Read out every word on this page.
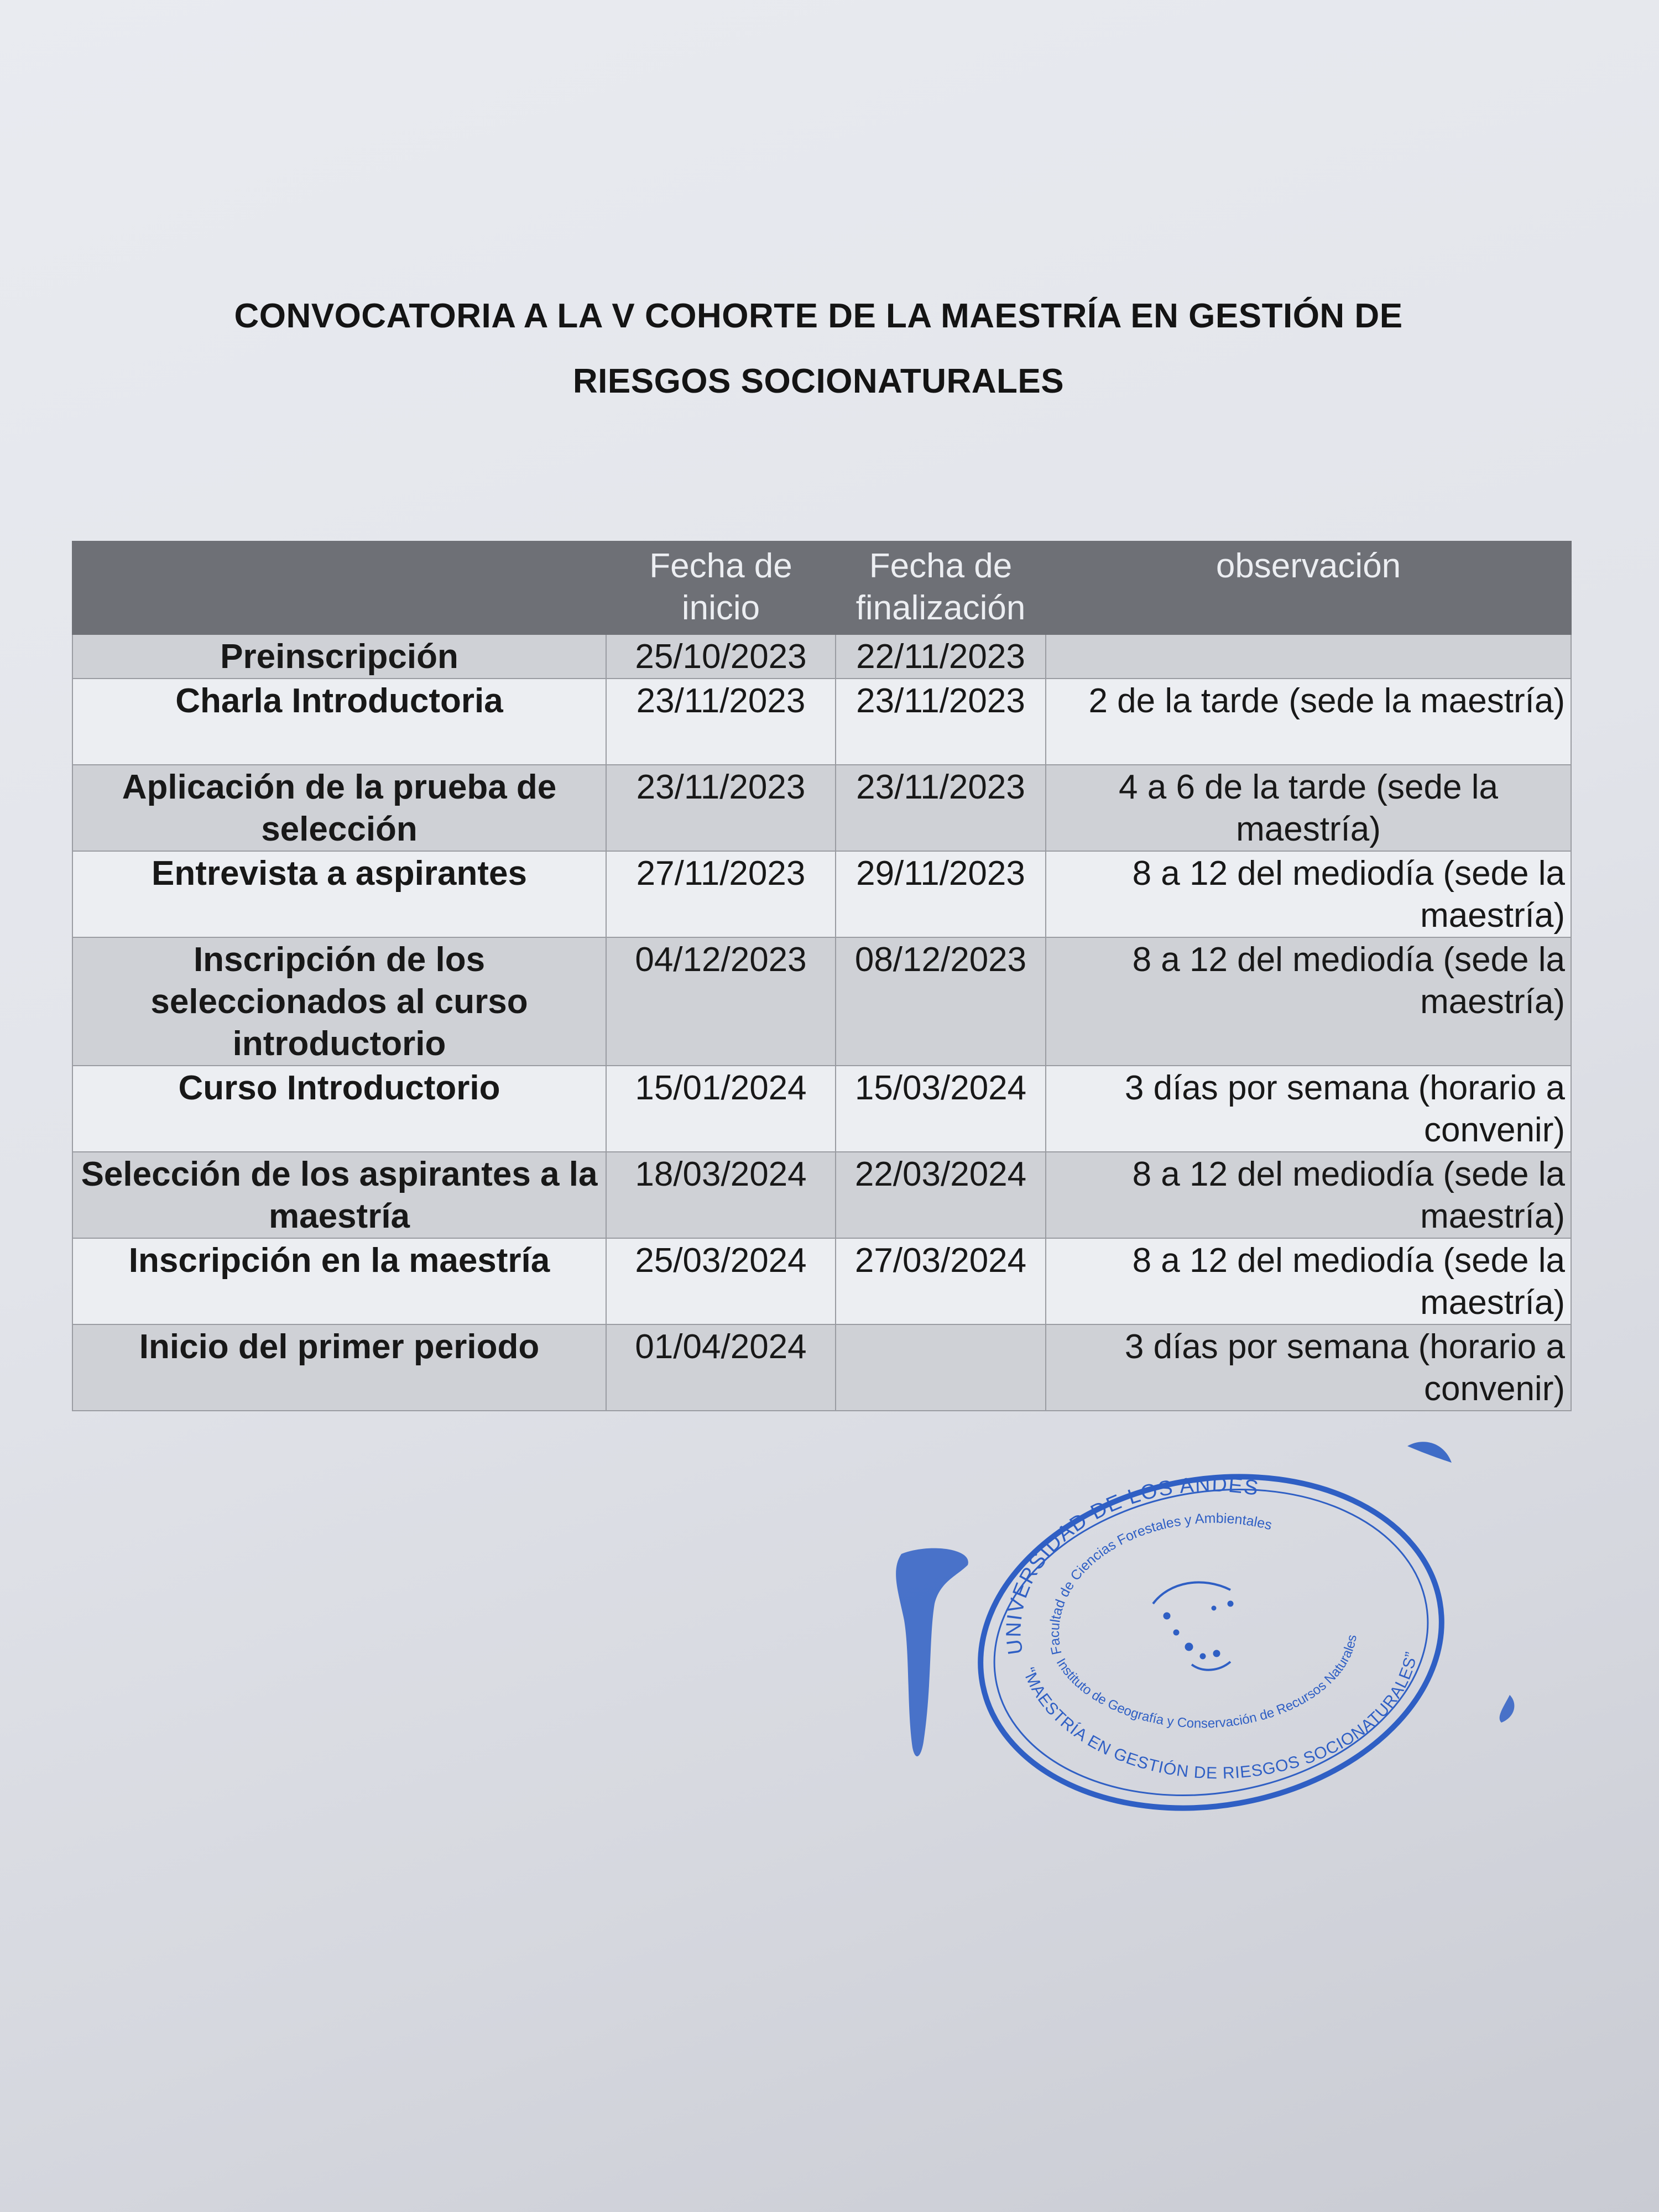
CONVOCATORIA A LA V COHORTE DE LA MAESTRÍA EN GESTIÓN DE
RIESGOS SOCIONATURALES
	Fecha de inicio	Fecha de finalización	observación
Preinscripción	25/10/2023	22/11/2023	
Charla Introductoria	23/11/2023	23/11/2023	2 de la tarde (sede la maestría)
Aplicación de la prueba de selección	23/11/2023	23/11/2023	4 a 6 de la tarde (sede la maestría)
Entrevista a aspirantes	27/11/2023	29/11/2023	8 a 12 del mediodía (sede la maestría)
Inscripción de los seleccionados al curso introductorio	04/12/2023	08/12/2023	8 a 12 del mediodía (sede la maestría)
Curso Introductorio	15/01/2024	15/03/2024	3 días por semana (horario a convenir)
Selección de los aspirantes a la maestría	18/03/2024	22/03/2024	8 a 12 del mediodía (sede la maestría)
Inscripción en la maestría	25/03/2024	27/03/2024	8 a 12 del mediodía (sede la maestría)
Inicio del primer periodo	01/04/2024		3 días por semana (horario a convenir)
UNIVERSIDAD DE LOS ANDES
Facultad de Ciencias Forestales y Ambientales
Instituto de Geografía y Conservación de Recursos Naturales
“MAESTRÍA EN GESTIÓN DE RIESGOS SOCIONATURALES”
